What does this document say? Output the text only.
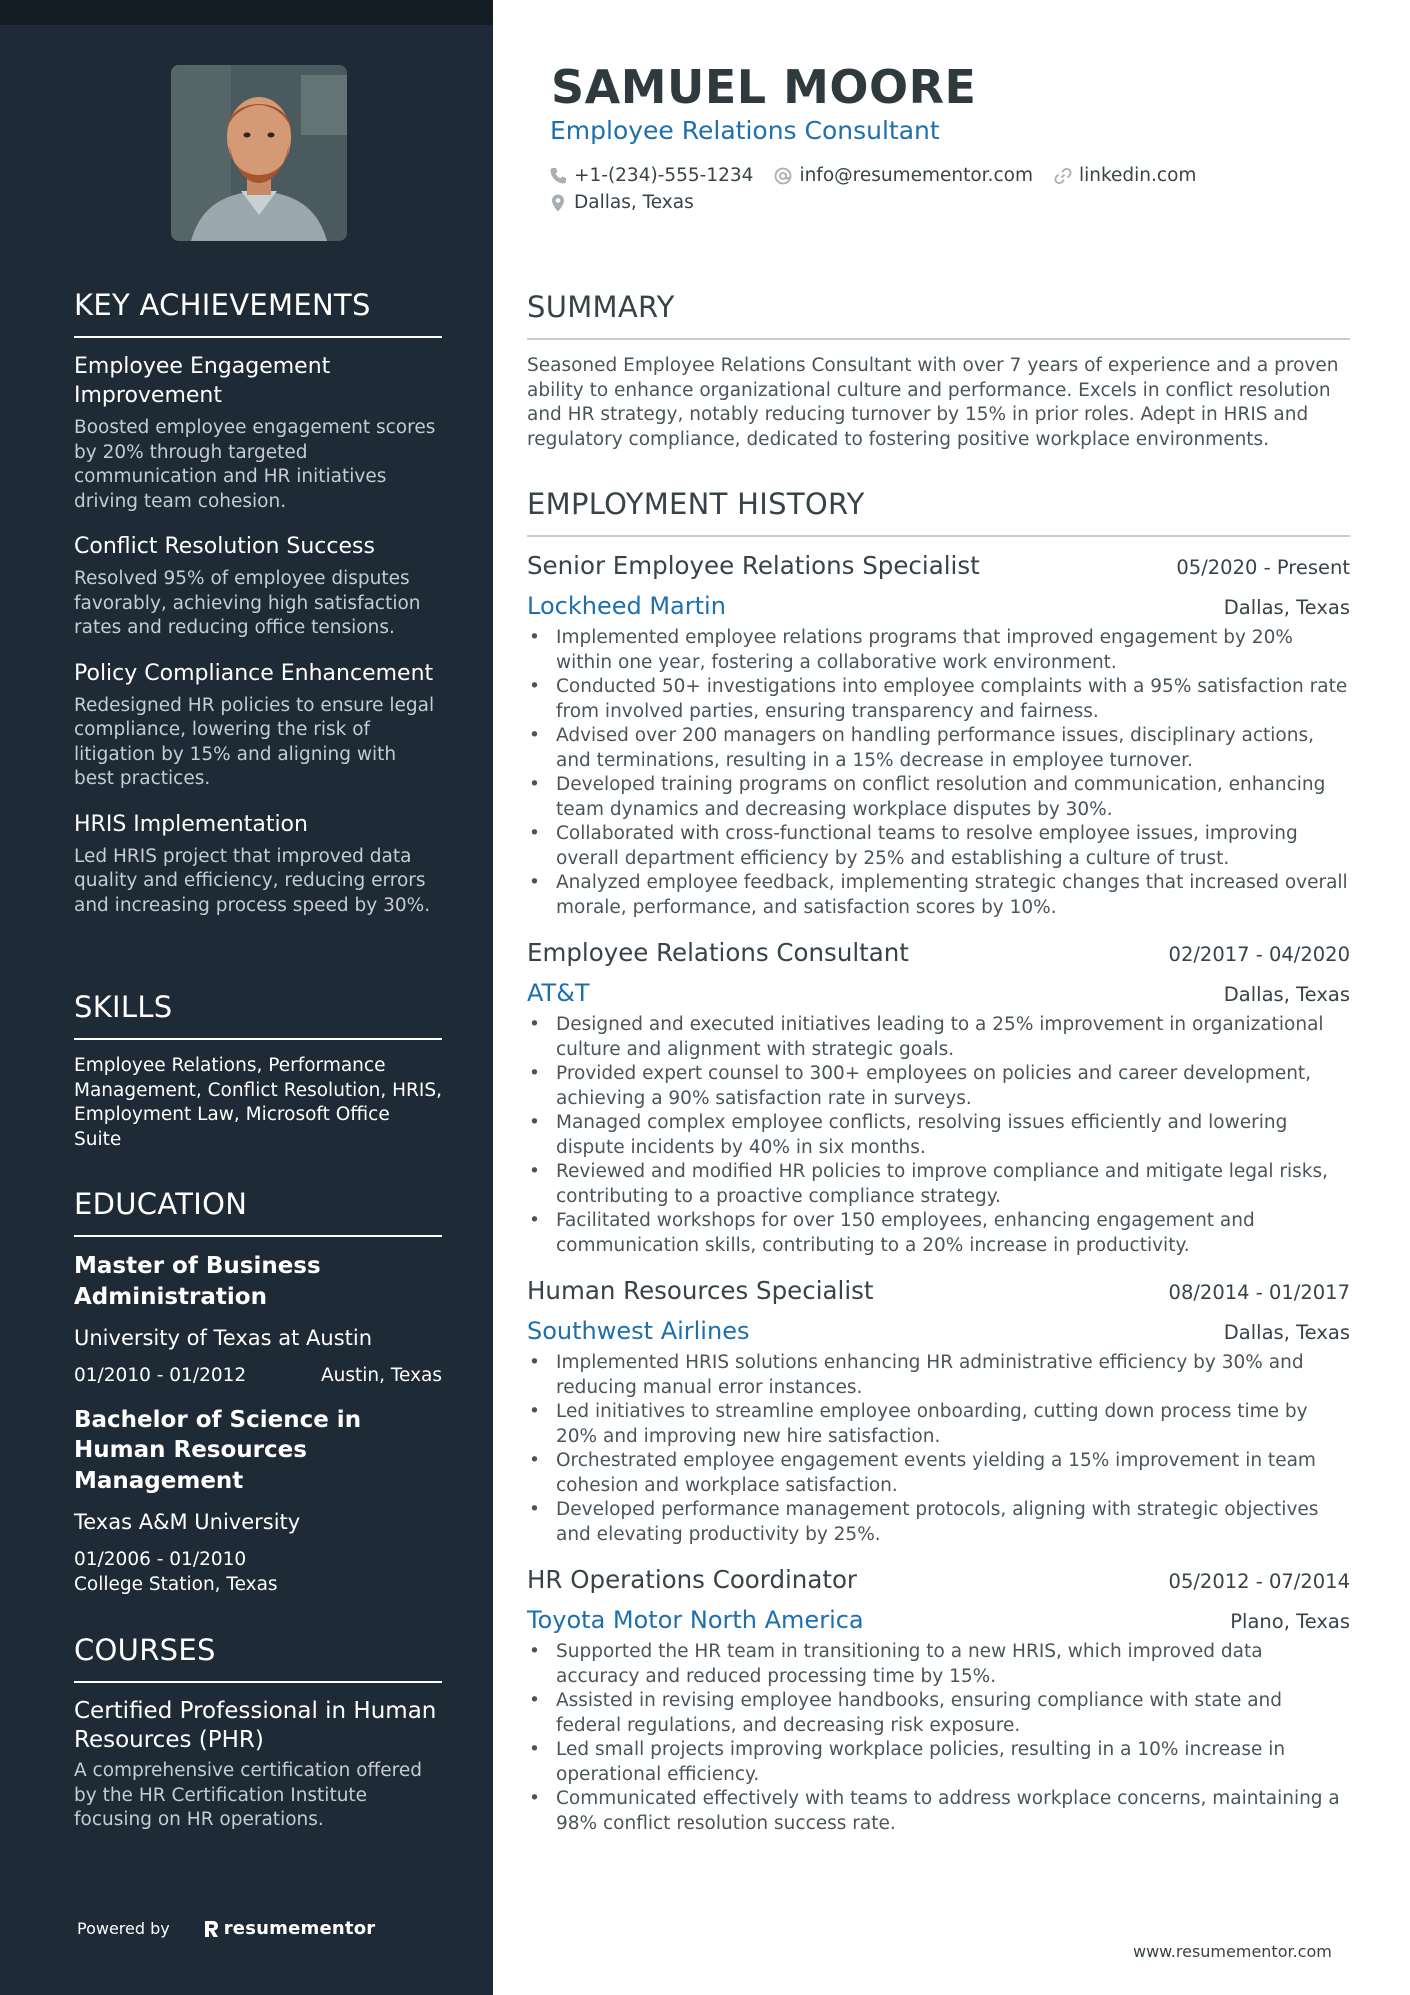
KEY ACHIEVEMENTS
Employee Engagement Improvement
Boosted employee engagement scores by 20% through targeted communication and HR initiatives driving team cohesion.
Conflict Resolution Success
Resolved 95% of employee disputes favorably, achieving high satisfaction rates and reducing office tensions.
Policy Compliance Enhancement
Redesigned HR policies to ensure legal compliance, lowering the risk of litigation by 15% and aligning with best practices.
HRIS Implementation
Led HRIS project that improved data quality and efficiency, reducing errors and increasing process speed by 30%.
SKILLS
Employee Relations, Performance Management, Conflict Resolution, HRIS, Employment Law, Microsoft Office Suite
EDUCATION
Master of Business Administration
University of Texas at Austin
01/2010 - 01/2012	Austin, Texas
Bachelor of Science in Human Resources Management
Texas A&M University
01/2006 - 01/2010
College Station, Texas
COURSES
Certified Professional in Human Resources (PHR)
A comprehensive certification offered by the HR Certification Institute focusing on HR operations.
Powered by	resumementor
SAMUEL MOORE
Employee Relations Consultant
+1-(234)-555-1234 info@resumementor.com linkedin.com
Dallas, Texas
SUMMARY
Seasoned Employee Relations Consultant with over 7 years of experience and a proven ability to enhance organizational culture and performance. Excels in conflict resolution and HR strategy, notably reducing turnover by 15% in prior roles. Adept in HRIS and regulatory compliance, dedicated to fostering positive workplace environments.
EMPLOYMENT HISTORY
Senior Employee Relations Specialist	05/2020 - Present
Lockheed Martin	Dallas, Texas
• Implemented employee relations programs that improved engagement by 20% within one year, fostering a collaborative work environment.
• Conducted 50+ investigations into employee complaints with a 95% satisfaction rate from involved parties, ensuring transparency and fairness.
• Advised over 200 managers on handling performance issues, disciplinary actions, and terminations, resulting in a 15% decrease in employee turnover.
• Developed training programs on conflict resolution and communication, enhancing team dynamics and decreasing workplace disputes by 30%.
• Collaborated with cross-functional teams to resolve employee issues, improving overall department efficiency by 25% and establishing a culture of trust.
• Analyzed employee feedback, implementing strategic changes that increased overall morale, performance, and satisfaction scores by 10%.
Employee Relations Consultant	02/2017 - 04/2020
AT&T	Dallas, Texas
• Designed and executed initiatives leading to a 25% improvement in organizational culture and alignment with strategic goals.
• Provided expert counsel to 300+ employees on policies and career development, achieving a 90% satisfaction rate in surveys.
• Managed complex employee conflicts, resolving issues efficiently and lowering dispute incidents by 40% in six months.
• Reviewed and modified HR policies to improve compliance and mitigate legal risks, contributing to a proactive compliance strategy.
• Facilitated workshops for over 150 employees, enhancing engagement and communication skills, contributing to a 20% increase in productivity.
Human Resources Specialist	08/2014 - 01/2017
Southwest Airlines	Dallas, Texas
• Implemented HRIS solutions enhancing HR administrative efficiency by 30% and reducing manual error instances.
• Led initiatives to streamline employee onboarding, cutting down process time by 20% and improving new hire satisfaction.
• Orchestrated employee engagement events yielding a 15% improvement in team cohesion and workplace satisfaction.
• Developed performance management protocols, aligning with strategic objectives and elevating productivity by 25%.
HR Operations Coordinator	05/2012 - 07/2014
Toyota Motor North America	Plano, Texas
• Supported the HR team in transitioning to a new HRIS, which improved data accuracy and reduced processing time by 15%.
• Assisted in revising employee handbooks, ensuring compliance with state and federal regulations, and decreasing risk exposure.
• Led small projects improving workplace policies, resulting in a 10% increase in operational efficiency.
• Communicated effectively with teams to address workplace concerns, maintaining a 98% conflict resolution success rate.
www.resumementor.com
